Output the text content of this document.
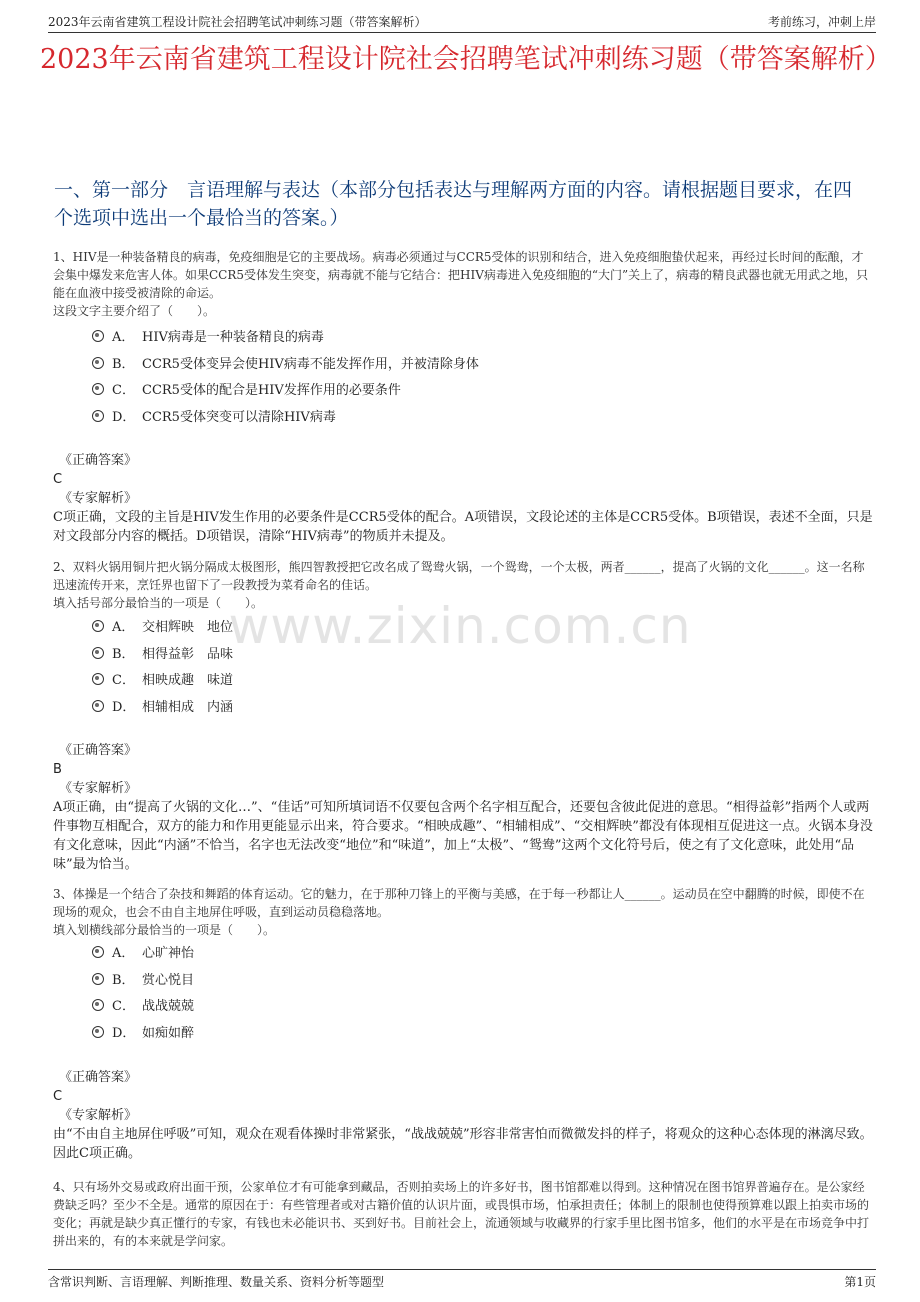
2023年云南省建筑工程设计院社会招聘笔试冲刺练习题（带答案解析）	考前练习，冲刺上岸
2023年云南省建筑工程设计院社会招聘笔试冲刺练习题（带答案解析）
一、第一部分　言语理解与表达（本部分包括表达与理解两方面的内容。请根据题目要求，在四个选项中选出一个最恰当的答案。）
www.zixin.com.cn
1、HIV是一种装备精良的病毒，免疫细胞是它的主要战场。病毒必须通过与CCR5受体的识别和结合，进入免疫细胞蛰伏起来，再经过长时间的酝酿，才会集中爆发来危害人体。如果CCR5受体发生突变，病毒就不能与它结合：把HIV病毒进入免疫细胞的“大门”关上了，病毒的精良武器也就无用武之地，只能在血液中接受被清除的命运。
这段文字主要介绍了（　　）。
A． HIV病毒是一种装备精良的病毒
B． CCR5受体变异会使HIV病毒不能发挥作用，并被清除身体
C． CCR5受体的配合是HIV发挥作用的必要条件
D． CCR5受体突变可以清除HIV病毒
《正确答案》
C
《专家解析》
C项正确，文段的主旨是HIV发生作用的必要条件是CCR5受体的配合。A项错误，文段论述的主体是CCR5受体。B项错误，表述不全面，只是对文段部分内容的概括。D项错误，清除“HIV病毒”的物质并未提及。
2、双料火锅用铜片把火锅分隔成太极图形，熊四智教授把它改名成了鸳鸯火锅，一个鸳鸯，一个太极，两者______，提高了火锅的文化______。这一名称迅速流传开来，烹饪界也留下了一段教授为菜肴命名的佳话。
填入括号部分最恰当的一项是（　　）。
A． 交相辉映　地位
B． 相得益彰　品味
C． 相映成趣　味道
D． 相辅相成　内涵
《正确答案》
B
《专家解析》
A项正确，由“提高了火锅的文化…”、“佳话”可知所填词语不仅要包含两个名字相互配合，还要包含彼此促进的意思。“相得益彰”指两个人或两件事物互相配合，双方的能力和作用更能显示出来，符合要求。“相映成趣”、“相辅相成”、“交相辉映”都没有体现相互促进这一点。火锅本身没有文化意味，因此“内涵”不恰当，名字也无法改变“地位”和“味道”，加上“太极”、“鸳鸯”这两个文化符号后，使之有了文化意味，此处用“品味”最为恰当。
3、体操是一个结合了杂技和舞蹈的体育运动。它的魅力，在于那种刀锋上的平衡与美感，在于每一秒都让人______。运动员在空中翻腾的时候，即使不在现场的观众，也会不由自主地屏住呼吸，直到运动员稳稳落地。
填入划横线部分最恰当的一项是（　　）。
A． 心旷神怡
B． 赏心悦目
C． 战战兢兢
D． 如痴如醉
《正确答案》
C
《专家解析》
由“不由自主地屏住呼吸”可知，观众在观看体操时非常紧张，“战战兢兢”形容非常害怕而微微发抖的样子，将观众的这种心态体现的淋漓尽致。因此C项正确。
4、只有场外交易或政府出面干预，公家单位才有可能拿到藏品，否则拍卖场上的许多好书，图书馆都难以得到。这种情况在图书馆界普遍存在。是公家经费缺乏吗？至少不全是。通常的原因在于：有些管理者或对古籍价值的认识片面，或畏惧市场，怕承担责任；体制上的限制也使得预算难以跟上拍卖市场的变化；再就是缺少真正懂行的专家，有钱也未必能识书、买到好书。目前社会上，流通领域与收藏界的行家手里比图书馆多，他们的水平是在市场竞争中打拼出来的，有的本来就是学问家。
含常识判断、言语理解、判断推理、数量关系、资料分析等题型	第1页
